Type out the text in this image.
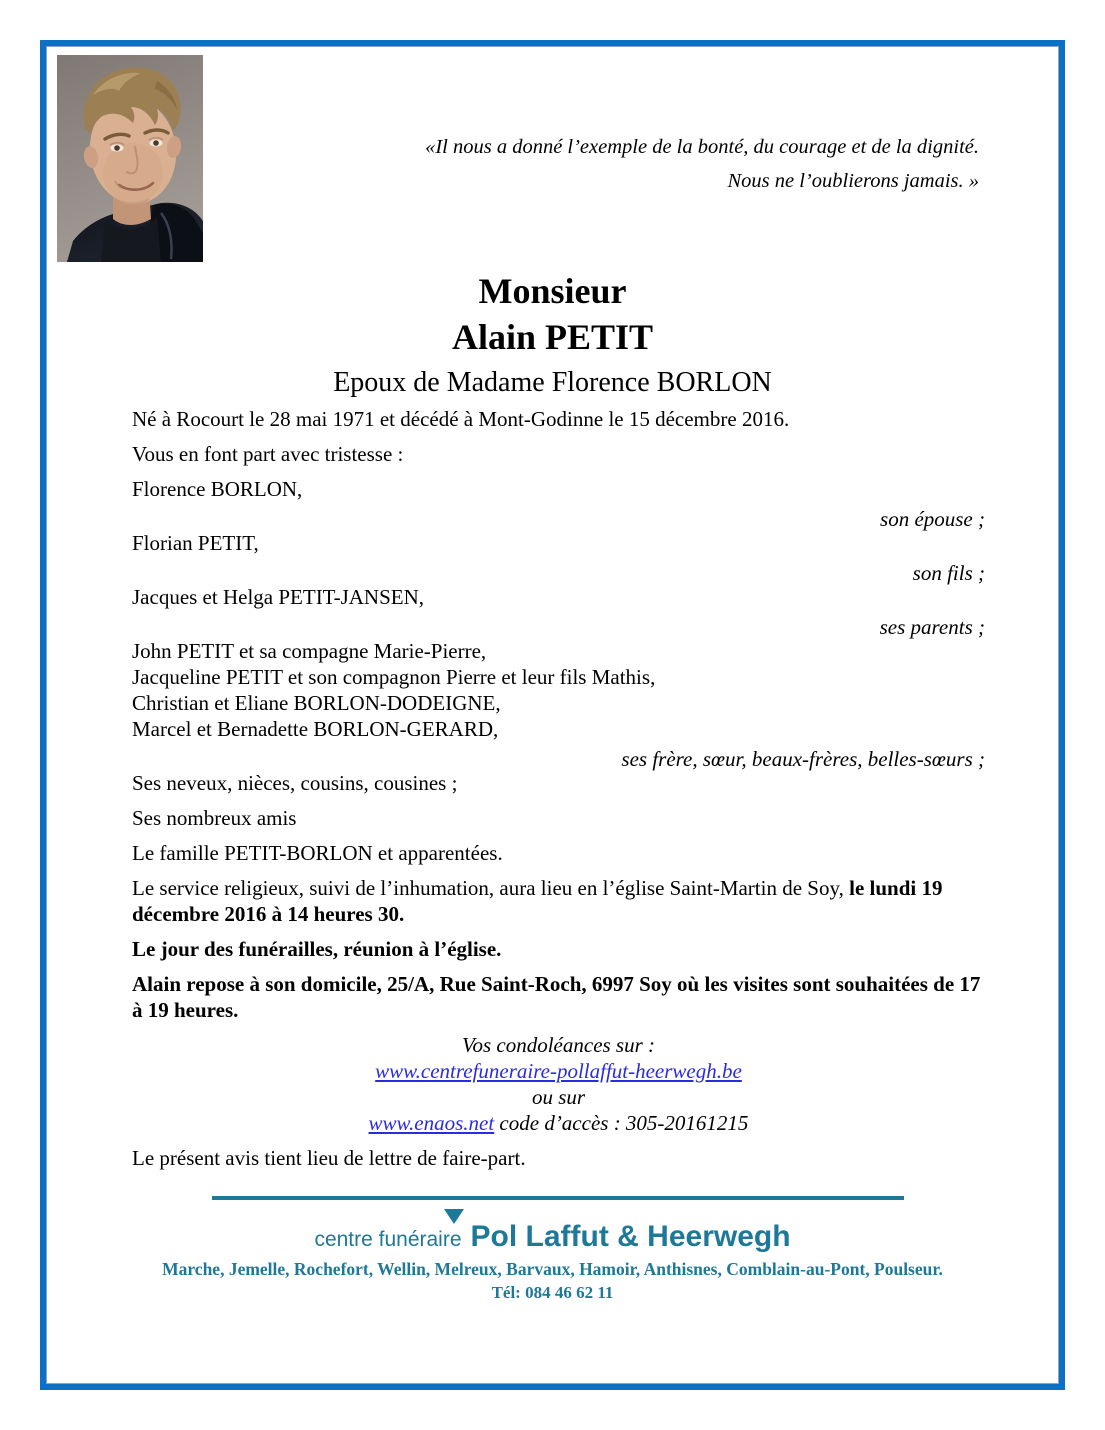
«Il nous a donné l’exemple de la bonté, du courage et de la dignité.
Nous ne l’oublierons jamais. »
Monsieur
Alain PETIT
Epoux de Madame Florence BORLON
Né à Rocourt le 28 mai 1971 et décédé à Mont-Godinne le 15 décembre 2016.
Vous en font part avec tristesse :
Florence BORLON,
son épouse ;
Florian PETIT,
son fils ;
Jacques et Helga PETIT-JANSEN,
ses parents ;
John PETIT et sa compagne Marie-Pierre,
Jacqueline PETIT et son compagnon Pierre et leur fils Mathis,
Christian et Eliane BORLON-DODEIGNE,
Marcel et Bernadette BORLON-GERARD,
ses frère, sœur, beaux-frères, belles-sœurs ;
Ses neveux, nièces, cousins, cousines ;
Ses nombreux amis
Le famille PETIT-BORLON et apparentées.

Le service religieux, suivi de l’inhumation, aura lieu en l’église Saint-Martin de Soy, le lundi 19 décembre 2016 à 14 heures 30.

Le jour des funérailles, réunion à l’église.

Alain repose à son domicile, 25/A, Rue Saint-Roch, 6997 Soy où les visites sont souhaitées de 17 à 19 heures.

Vos condoléances sur :
www.centrefuneraire-pollaffut-heerwegh.be
ou sur
www.enaos.net code d’accès : 305-20161215
Le présent avis tient lieu de lettre de faire-part.
centre funéraire Pol Laffut & Heerwegh
Marche, Jemelle, Rochefort, Wellin, Melreux, Barvaux, Hamoir, Anthisnes, Comblain-au-Pont, Poulseur.
Tél: 084 46 62 11
